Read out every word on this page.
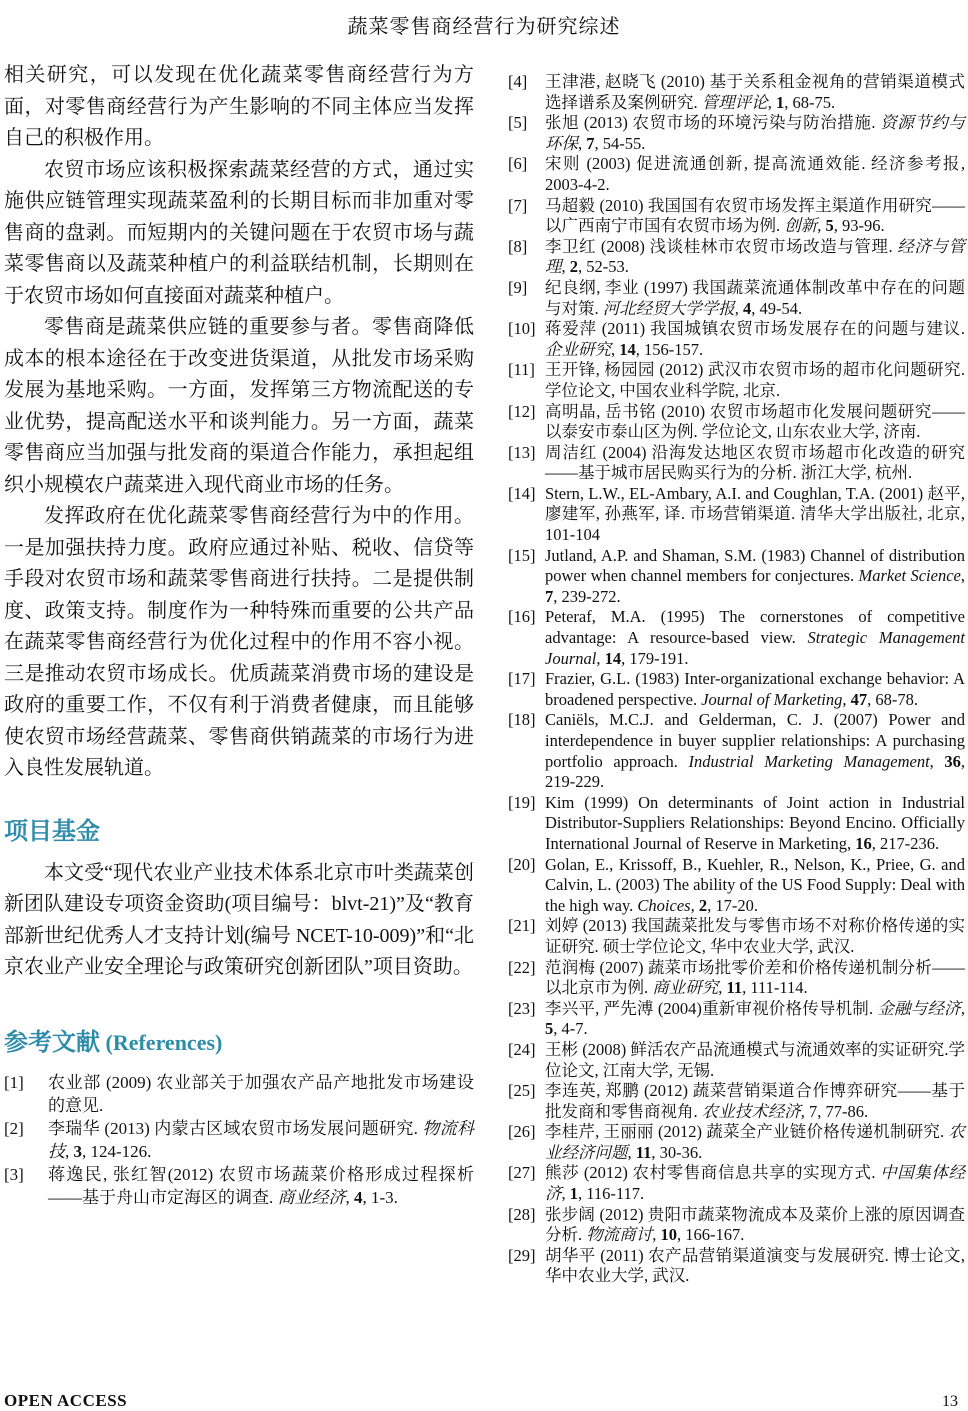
蔬菜零售商经营行为研究综述

相关研究，可以发现在优化蔬菜零售商经营行为方面，对零售商经营行为产生影响的不同主体应当发挥自己的积极作用。

农贸市场应该积极探索蔬菜经营的方式，通过实施供应链管理实现蔬菜盈利的长期目标而非加重对零售商的盘剥。而短期内的关键问题在于农贸市场与蔬菜零售商以及蔬菜种植户的利益联结机制，长期则在于农贸市场如何直接面对蔬菜种植户。

零售商是蔬菜供应链的重要参与者。零售商降低成本的根本途径在于改变进货渠道，从批发市场采购发展为基地采购。一方面，发挥第三方物流配送的专业优势，提高配送水平和谈判能力。另一方面，蔬菜零售商应当加强与批发商的渠道合作能力，承担起组织小规模农户蔬菜进入现代商业市场的任务。

发挥政府在优化蔬菜零售商经营行为中的作用。一是加强扶持力度。政府应通过补贴、税收、信贷等手段对农贸市场和蔬菜零售商进行扶持。二是提供制度、政策支持。制度作为一种特殊而重要的公共产品在蔬菜零售商经营行为优化过程中的作用不容小视。三是推动农贸市场成长。优质蔬菜消费市场的建设是政府的重要工作，不仅有利于消费者健康，而且能够使农贸市场经营蔬菜、零售商供销蔬菜的市场行为进入良性发展轨道。

项目基金

本文受“现代农业产业技术体系北京市叶类蔬菜创新团队建设专项资金资助(项目编号：blvt-21)”及“教育部新世纪优秀人才支持计划(编号 NCET-10-009)”和“北京农业产业安全理论与政策研究创新团队”项目资助。

参考文献 (References)
[1]	农业部 (2009) 农业部关于加强农产品产地批发市场建设的意见.
[2]	李瑞华 (2013) 内蒙古区域农贸市场发展问题研究. 物流科技, 3, 124-126.
[3]	蒋逸民, 张红智(2012) 农贸市场蔬菜价格形成过程探析——基于舟山市定海区的调查. 商业经济, 4, 1-3.
[4]	王津港, 赵晓飞 (2010) 基于关系租金视角的营销渠道模式选择谱系及案例研究. 管理评论, 1, 68-75.
[5]	张旭 (2013) 农贸市场的环境污染与防治措施. 资源节约与环保, 7, 54-55.
[6]	宋则 (2003) 促进流通创新, 提高流通效能. 经济参考报, 2003-4-2.
[7]	马超毅 (2010) 我国国有农贸市场发挥主渠道作用研究——以广西南宁市国有农贸市场为例. 创新, 5, 93-96.
[8]	李卫红 (2008) 浅谈桂林市农贸市场改造与管理. 经济与管理, 2, 52-53.
[9]	纪良纲, 李业 (1997) 我国蔬菜流通体制改革中存在的问题与对策. 河北经贸大学学报, 4, 49-54.
[10] 蒋爱萍 (2011) 我国城镇农贸市场发展存在的问题与建议. 企业研究, 14, 156-157.
[11] 王开锋, 杨园园 (2012) 武汉市农贸市场的超市化问题研究. 学位论文, 中国农业科学院, 北京.
[12] 高明晶, 岳书铭 (2010) 农贸市场超市化发展问题研究——以泰安市泰山区为例. 学位论文, 山东农业大学, 济南.
[13] 周洁红 (2004) 沿海发达地区农贸市场超市化改造的研究——基于城市居民购买行为的分析. 浙江大学, 杭州.
[14] Stern, L.W., EL-Ambary, A.I. and Coughlan, T.A. (2001) 赵平, 廖建军, 孙燕军, 译. 市场营销渠道. 清华大学出版社, 北京, 101-104
[15] Jutland, A.P. and Shaman, S.M. (1983) Channel of distribution power when channel members for conjectures. Market Science, 7, 239-272.
[16] Peteraf, M.A. (1995) The cornerstones of competitive advantage: A resource-based view. Strategic Management Journal, 14, 179-191.
[17] Frazier, G.L. (1983) Inter-organizational exchange behavior: A broadened perspective. Journal of Marketing, 47, 68-78.
[18] Caniëls, M.C.J. and Gelderman, C. J. (2007) Power and interdependence in buyer supplier relationships: A purchasing portfolio approach. Industrial Marketing Management, 36, 219-229.
[19] Kim (1999) On determinants of Joint action in Industrial Distributor-Suppliers Relationships: Beyond Encino. Officially International Journal of Reserve in Marketing, 16, 217-236.
[20] Golan, E., Krissoff, B., Kuehler, R., Nelson, K., Priee, G. and Calvin, L. (2003) The ability of the US Food Supply: Deal with the high way. Choices, 2, 17-20.
[21] 刘婷 (2013) 我国蔬菜批发与零售市场不对称价格传递的实证研究. 硕士学位论文, 华中农业大学, 武汉.
[22] 范润梅 (2007) 蔬菜市场批零价差和价格传递机制分析——以北京市为例. 商业研究, 11, 111-114.
[23] 李兴平, 严先溥 (2004)重新审视价格传导机制. 金融与经济, 5, 4-7.
[24] 王彬 (2008) 鲜活农产品流通模式与流通效率的实证研究.学位论文, 江南大学, 无锡.
[25] 李连英, 郑鹏 (2012) 蔬菜营销渠道合作博弈研究——基于批发商和零售商视角. 农业技术经济, 7, 77-86.
[26] 李桂芹, 王丽丽 (2012) 蔬菜全产业链价格传递机制研究. 农业经济问题, 11, 30-36.
[27] 熊莎 (2012) 农村零售商信息共享的实现方式. 中国集体经济, 1, 116-117.
[28] 张步阔 (2012) 贵阳市蔬菜物流成本及菜价上涨的原因调查分析. 物流商讨, 10, 166-167.
[29] 胡华平 (2011) 农产品营销渠道演变与发展研究. 博士论文, 华中农业大学, 武汉.
OPEN ACCESS	13
